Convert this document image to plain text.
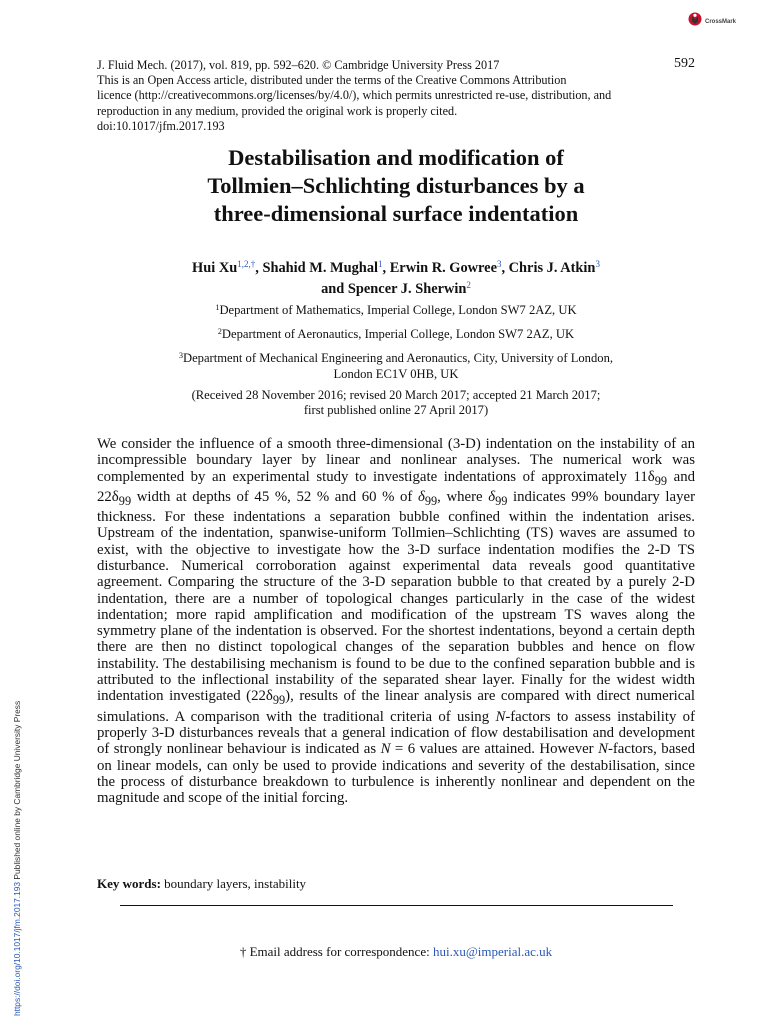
CrossMark
J. Fluid Mech. (2017), vol. 819, pp. 592–620. © Cambridge University Press 2017	592
This is an Open Access article, distributed under the terms of the Creative Commons Attribution
licence (http://creativecommons.org/licenses/by/4.0/), which permits unrestricted re-use, distribution, and
reproduction in any medium, provided the original work is properly cited.
doi:10.1017/jfm.2017.193
Destabilisation and modification of
Tollmien–Schlichting disturbances by a
three-dimensional surface indentation
Hui $Xu^{1,2,\dagger}$, Shahid M. Mughal$^1$, Erwin R. Gowree$^3$, Chris J. Atkin$^3$
and Spencer J. Sherwin$^2$
$^1$Department of Mathematics, Imperial College, London SW7 2AZ, UK
$^2$Department of Aeronautics, Imperial College, London SW7 2AZ, UK
$^3$Department of Mechanical Engineering and Aeronautics, City, University of London,
London EC1V 0HB, UK
(Received 28 November 2016; revised 20 March 2017; accepted 21 March 2017;
first published online 27 April 2017)

We consider the influence of a smooth three-dimensional (3-D) indentation on the instability of an incompressible boundary layer by linear and nonlinear analyses. The numerical work was complemented by an experimental study to investigate indentations of approximately $11\delta_{99}$ and $22\delta_{99}$ width at depths of 45 %, 52 % and 60 % of $\delta_{99}$, where $\delta_{99}$ indicates 99% boundary layer thickness. For these indentations a separation bubble confined within the indentation arises. Upstream of the indentation, spanwise-uniform Tollmien–Schlichting (TS) waves are assumed to exist, with the objective to investigate how the 3-D surface indentation modifies the 2-D TS disturbance. Numerical corroboration against experimental data reveals good quantitative agreement. Comparing the structure of the 3-D separation bubble to that created by a purely 2-D indentation, there are a number of topological changes particularly in the case of the widest indentation; more rapid amplification and modification of the upstream TS waves along the symmetry plane of the indentation is observed. For the shortest indentations, beyond a certain depth there are then no distinct topological changes of the separation bubbles and hence on flow instability. The destabilising mechanism is found to be due to the confined separation bubble and is attributed to the inflectional instability of the separated shear layer. Finally for the widest width indentation investigated $(22\delta_{99})$, results of the linear analysis are compared with direct numerical simulations. A comparison with the traditional criteria of using N-factors to assess instability of properly 3-D disturbances reveals that a general indication of flow destabilisation and development of strongly nonlinear behaviour is indicated as N = 6 values are attained. However N-factors, based on linear models, can only be used to provide indications and severity of the destabilisation, since the process of disturbance breakdown to turbulence is inherently nonlinear and dependent on the magnitude and scope of the initial forcing.

Key words: boundary layers, instability
† Email address for correspondence: hui.xu@imperial.ac.uk
https://doi.org/10.1017/jfm.2017.193 Published online by Cambridge University Press
